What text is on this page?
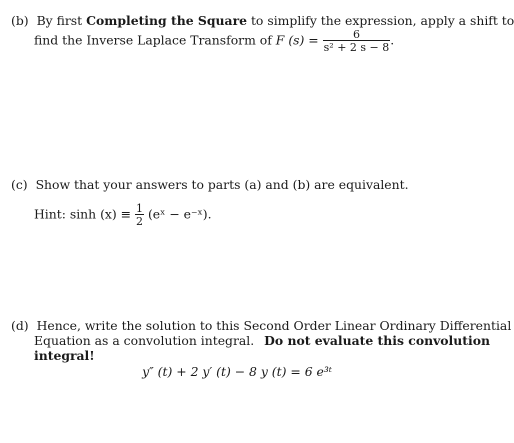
(b) By first Completing the Square to simplify the expression, apply a shift to
find the Inverse Laplace Transform of F $(s) = \frac{6}{\text{s² + 2 s − 8}}$ .
(c) Show that your answers to parts (a) and (b) are equivalent.
Hint: $\sinh (x) \equiv \frac{1}{2}$ (eˣ − e⁻ˣ).
(d) Hence, write the solution to this Second Order Linear Ordinary Differential
Equation as a convolution integral. Do not evaluate this convolution
integral!
y″ (t) + 2 y′ (t) − 8 y (t) = 6 e³ᵗ
